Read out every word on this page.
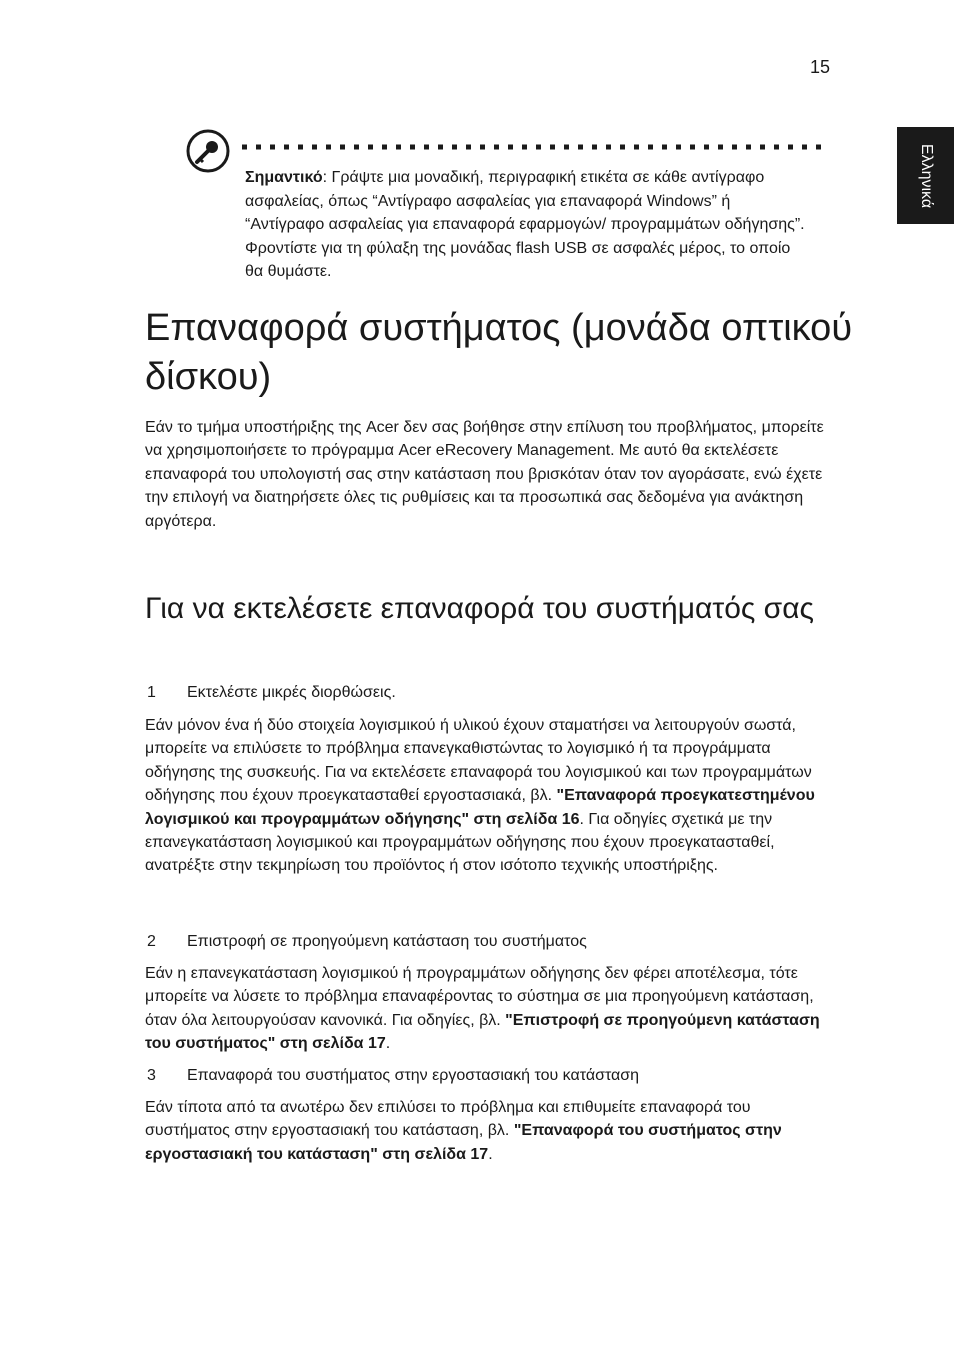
15
Ελληνικά
Σημαντικό: Γράψτε μια μοναδική, περιγραφική ετικέτα σε κάθε αντίγραφο ασφαλείας, όπως “Αντίγραφο ασφαλείας για επαναφορά Windows” ή “Αντίγραφο ασφαλείας για επαναφορά εφαρμογών/ προγραμμάτων οδήγησης”. Φροντίστε για τη φύλαξη της μονάδας flash USB σε ασφαλές μέρος, το οποίο θα θυμάστε.
Επαναφορά συστήματος (μονάδα οπτικού δίσκου)

Εάν το τμήμα υποστήριξης της Acer δεν σας βοήθησε στην επίλυση του προβλήματος, μπορείτε να χρησιμοποιήσετε το πρόγραμμα Acer eRecovery Management. Με αυτό θα εκτελέσετε επαναφορά του υπολογιστή σας στην κατάσταση που βρισκόταν όταν τον αγοράσατε, ενώ έχετε την επιλογή να διατηρήσετε όλες τις ρυθμίσεις και τα προσωπικά σας δεδομένα για ανάκτηση αργότερα.

Για να εκτελέσετε επαναφορά του συστήματός σας
1 Εκτελέστε μικρές διορθώσεις.

Εάν μόνον ένα ή δύο στοιχεία λογισμικού ή υλικού έχουν σταματήσει να λειτουργούν σωστά, μπορείτε να επιλύσετε το πρόβλημα επανεγκαθιστώντας το λογισμικό ή τα προγράμματα οδήγησης της συσκευής. Για να εκτελέσετε επαναφορά του λογισμικού και των προγραμμάτων οδήγησης που έχουν προεγκατασταθεί εργοστασιακά, βλ. "Επαναφορά προεγκατεστημένου λογισμικού και προγραμμάτων οδήγησης" στη σελίδα 16. Για οδηγίες σχετικά με την επανεγκατάσταση λογισμικού και προγραμμάτων οδήγησης που έχουν προεγκατασταθεί, ανατρέξτε στην τεκμηρίωση του προϊόντος ή στον ισότοπο τεχνικής υποστήριξης.

2 Επιστροφή σε προηγούμενη κατάσταση του συστήματος

Εάν η επανεγκατάσταση λογισμικού ή προγραμμάτων οδήγησης δεν φέρει αποτέλεσμα, τότε μπορείτε να λύσετε το πρόβλημα επαναφέροντας το σύστημα σε μια προηγούμενη κατάσταση, όταν όλα λειτουργούσαν κανονικά. Για οδηγίες, βλ. "Επιστροφή σε προηγούμενη κατάσταση του συστήματος" στη σελίδα 17.

3 Επαναφορά του συστήματος στην εργοστασιακή του κατάσταση

Εάν τίποτα από τα ανωτέρω δεν επιλύσει το πρόβλημα και επιθυμείτε επαναφορά του συστήματος στην εργοστασιακή του κατάσταση, βλ. "Επαναφορά του συστήματος στην εργοστασιακή του κατάσταση" στη σελίδα 17.
